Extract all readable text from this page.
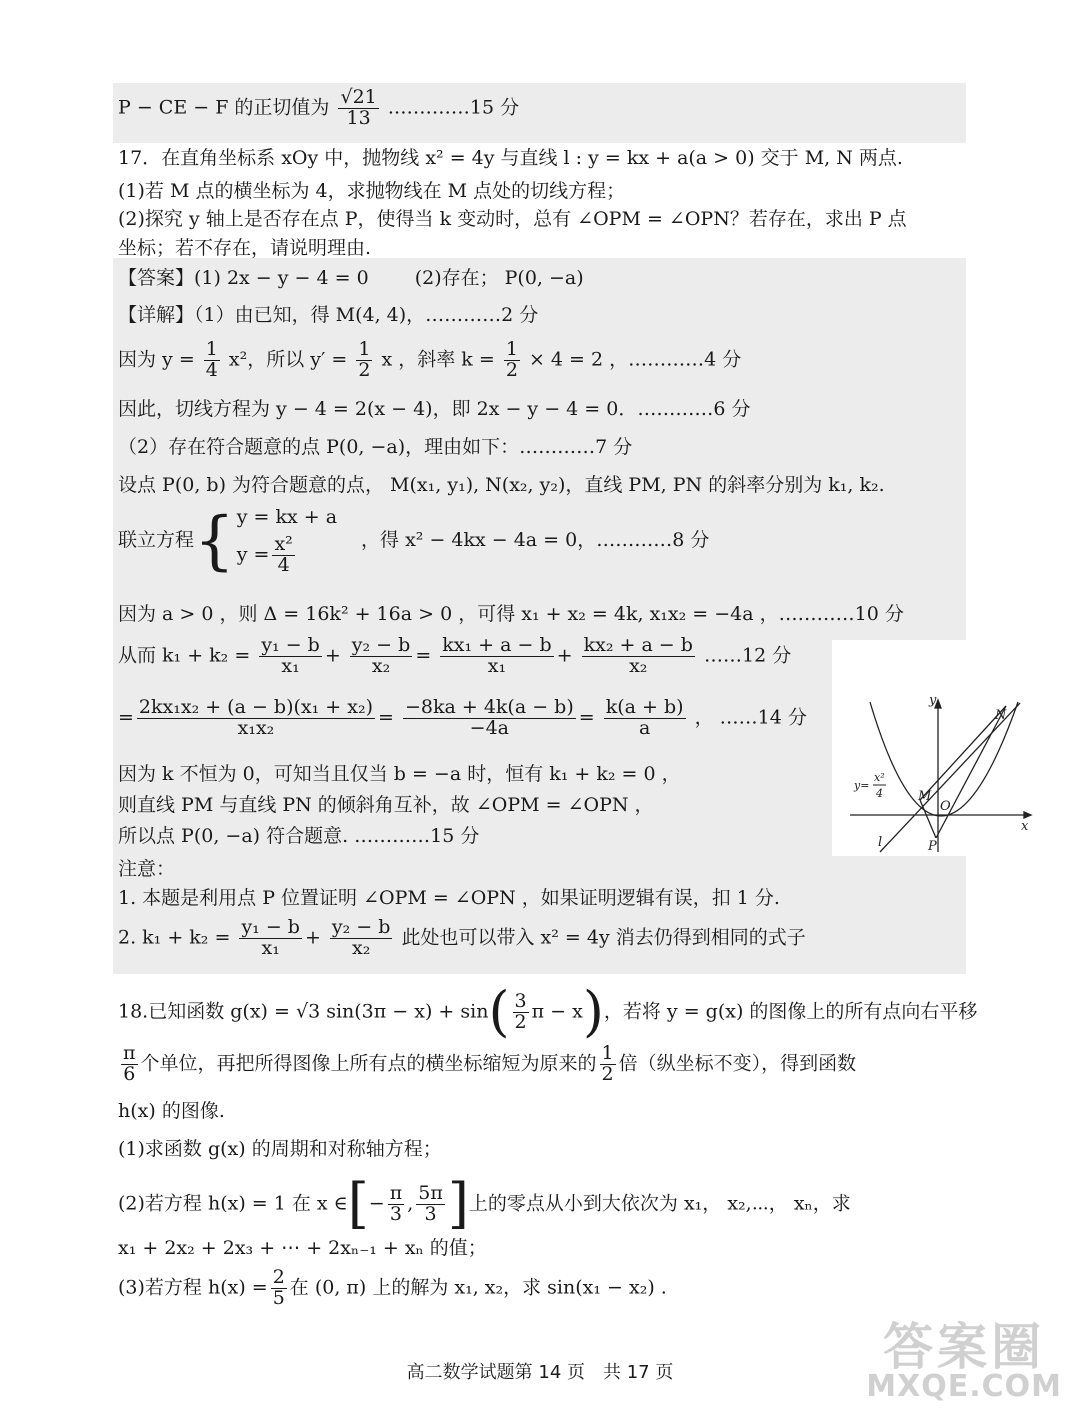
P − CE − F 的正切值为 $\frac{√21}{13}$ .…………15 分
17．在直角坐标系 xOy 中，抛物线 x² = 4y 与直线 l : y = kx + a(a > 0) 交于 M, N 两点.
(1)若 M 点的横坐标为 4，求抛物线在 M 点处的切线方程；
(2)探究 y 轴上是否存在点 P，使得当 k 变动时，总有 ∠OPM = ∠OPN？若存在，求出 P 点
坐标；若不存在，请说明理由.
【答案】(1) 2x − y − 4 = 0 (2)存在； P(0, −a)
【详解】（1）由已知，得 M(4, 4)，…………2 分
因为 $y = \frac{1}{4} x^2$，所以 $y' = \frac{1}{2}$ x ，斜率 $k = \frac{1}{2} \times 4 = 2$ ，…………4 分
因此，切线方程为 y − 4 = 2(x − 4)，即 2x − y − 4 = 0．…………6 分
（2）存在符合题意的点 P(0, −a)，理由如下：…………7 分
设点 P(0, b) 为符合题意的点， M(x₁, y₁), N(x₂, y₂)，直线 PM, PN 的斜率分别为 k₁, k₂.
联立方程 { y = kx + a
$y = \frac{\text{x²}}{4}$	，得 x² − 4kx − 4a = 0，…………8 分
因为 a > 0 ，则 Δ = 16k² + 16a > 0 ，可得 x₁ + x₂ = 4k, x₁x₂ = −4a ，…………10 分
从而 $k_1 + k_2 = \frac{\text{y₁ − b}}{\text{x₁}} + \frac{\text{y₂ − b}}{\text{x₂}} = \frac{\text{kx₁ + a − b}}{\text{x₁}} + \frac{\text{kx₂ + a − b}}{\text{x₂}}$ ……12 分
= $\frac{\text{2kx₁x₂ + (a − b)(x₁ + x₂)}}{\text{x₁x₂}} = \frac{-8ka + 4k(a - b)}{-4a} = \frac{k(a + b)}{a}$ ， ……14 分
因为 k 不恒为 0，可知当且仅当 b = −a 时，恒有 k₁ + k₂ = 0 ，
则直线 PM 与直线 PN 的倾斜角互补，故 ∠OPM = ∠OPN ，
所以点 P(0, −a) 符合题意. …………15 分
注意：
1. 本题是利用点 P 位置证明 ∠OPM = ∠OPN ，如果证明逻辑有误，扣 1 分.
2. $k_1 + k_2 = \frac{\text{y₁ − b}}{\text{x₁}} + \frac{\text{y₂ − b}}{\text{x₂}}$ 此处也可以带入 x² = 4y 消去仍得到相同的式子
y
x
N
M
O
P
l
y=
x²
4
18.已知函数 g(x) = √3 $\sin(3\pi - x) + \sin( \frac{3}{2}$ π − x)，若将 y = g(x) 的图像上的所有点向右平移
$\frac{\pi}{6}$ 个单位，再把所得图像上所有点的横坐标缩短为原来的 $\frac{1}{2}$ 倍（纵坐标不变），得到函数
h(x) 的图像.
(1)求函数 g(x) 的周期和对称轴方程；
(2)若方程 h(x) = 1 在 x ∈[− $\frac{\pi}{3}$ , $\frac{5\pi}{3}$ ]上的零点从小到大依次为 x₁， x₂,⋯， xₙ，求
x₁ + 2x₂ + 2x₃ + ⋯ + 2xₙ₋₁ + xₙ 的值；
(3)若方程 $h(x) = \frac{2}{5}$ 在 (0, π) 上的解为 x₁, x₂，求 sin(x₁ − x₂) .
高二数学试题第 14 页　共 17 页	答案圈
MXQE.COM
